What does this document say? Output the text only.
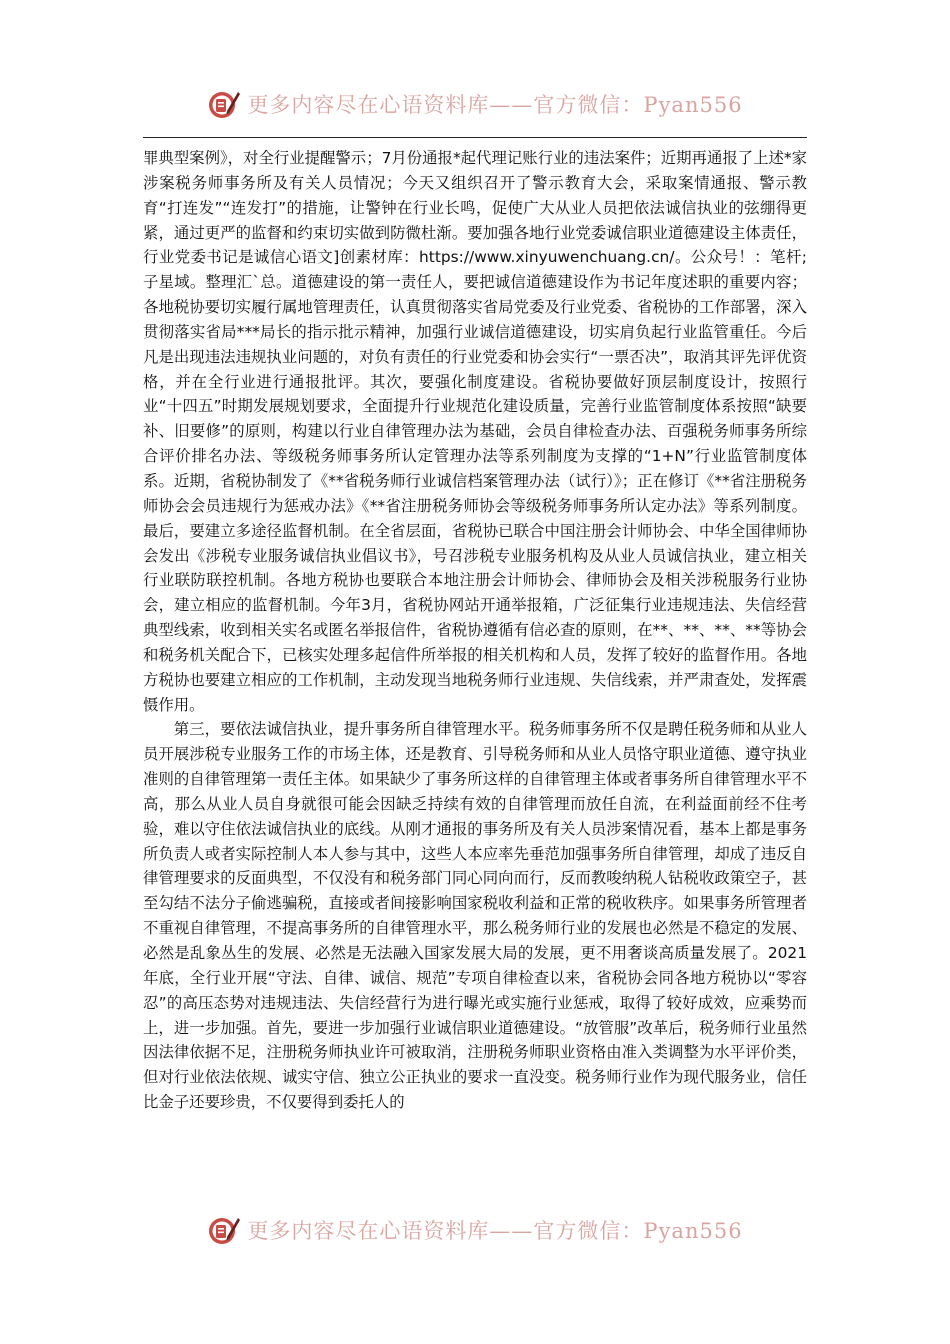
更多内容尽在心语资料库——官方微信：Pyan556

罪典型案例》，对全行业提醒警示；7月份通报*起代理记账行业的违法案件；近期再通报了上述*家涉案税务师事务所及有关人员情况；今天又组织召开了警示教育大会，采取案情通报、警示教育“打连发”“连发打”的措施，让警钟在行业长鸣，促使广大从业人员把依法诚信执业的弦绷得更紧，通过更严的监督和约束切实做到防微杜渐。要加强各地行业党委诚信职业道德建设主体责任，行业党委书记是诚信心语文]创素材库：https://www.xinyuwenchuang.cn/。公众号！：笔杆;子星域。整理汇`总。道德建设的第一责任人，要把诚信道德建设作为书记年度述职的重要内容；各地税协要切实履行属地管理责任，认真贯彻落实省局党委及行业党委、省税协的工作部署，深入贯彻落实省局***局长的指示批示精神，加强行业诚信道德建设，切实肩负起行业监管重任。今后凡是出现违法违规执业问题的，对负有责任的行业党委和协会实行“一票否决”，取消其评先评优资格，并在全行业进行通报批评。其次，要强化制度建设。省税协要做好顶层制度设计，按照行业“十四五”时期发展规划要求，全面提升行业规范化建设质量，完善行业监管制度体系按照“缺要补、旧要修”的原则，构建以行业自律管理办法为基础，会员自律检查办法、百强税务师事务所综合评价排名办法、等级税务师事务所认定管理办法等系列制度为支撑的“1+N”行业监管制度体系。近期，省税协制发了《**省税务师行业诚信档案管理办法（试行）》；正在修订《**省注册税务师协会会员违规行为惩戒办法》《**省注册税务师协会等级税务师事务所认定办法》等系列制度。最后，要建立多途径监督机制。在全省层面，省税协已联合中国注册会计师协会、中华全国律师协会发出《涉税专业服务诚信执业倡议书》，号召涉税专业服务机构及从业人员诚信执业，建立相关行业联防联控机制。各地方税协也要联合本地注册会计师协会、律师协会及相关涉税服务行业协会，建立相应的监督机制。今年3月，省税协网站开通举报箱，广泛征集行业违规违法、失信经营典型线索，收到相关实名或匿名举报信件，省税协遵循有信必查的原则，在**、**、**、**等协会和税务机关配合下，已核实处理多起信件所举报的相关机构和人员，发挥了较好的监督作用。各地方税协也要建立相应的工作机制，主动发现当地税务师行业违规、失信线索，并严肃查处，发挥震慑作用。

第三，要依法诚信执业，提升事务所自律管理水平。税务师事务所不仅是聘任税务师和从业人员开展涉税专业服务工作的市场主体，还是教育、引导税务师和从业人员恪守职业道德、遵守执业准则的自律管理第一责任主体。如果缺少了事务所这样的自律管理主体或者事务所自律管理水平不高，那么从业人员自身就很可能会因缺乏持续有效的自律管理而放任自流，在利益面前经不住考验，难以守住依法诚信执业的底线。从刚才通报的事务所及有关人员涉案情况看，基本上都是事务所负责人或者实际控制人本人参与其中，这些人本应率先垂范加强事务所自律管理，却成了违反自律管理要求的反面典型，不仅没有和税务部门同心同向而行，反而教唆纳税人钻税收政策空子，甚至勾结不法分子偷逃骗税，直接或者间接影响国家税收利益和正常的税收秩序。如果事务所管理者不重视自律管理，不提高事务所的自律管理水平，那么税务师行业的发展也必然是不稳定的发展、必然是乱象丛生的发展、必然是无法融入国家发展大局的发展，更不用奢谈高质量发展了。2021年底，全行业开展“守法、自律、诚信、规范”专项自律检查以来，省税协会同各地方税协以“零容忍”的高压态势对违规违法、失信经营行为进行曝光或实施行业惩戒，取得了较好成效，应乘势而上，进一步加强。首先，要进一步加强行业诚信职业道德建设。“放管服”改革后，税务师行业虽然因法律依据不足，注册税务师执业许可被取消，注册税务师职业资格由准入类调整为水平评价类，但对行业依法依规、诚实守信、独立公正执业的要求一直没变。税务师行业作为现代服务业，信任比金子还要珍贵，不仅要得到委托人的

更多内容尽在心语资料库——官方微信：Pyan556
